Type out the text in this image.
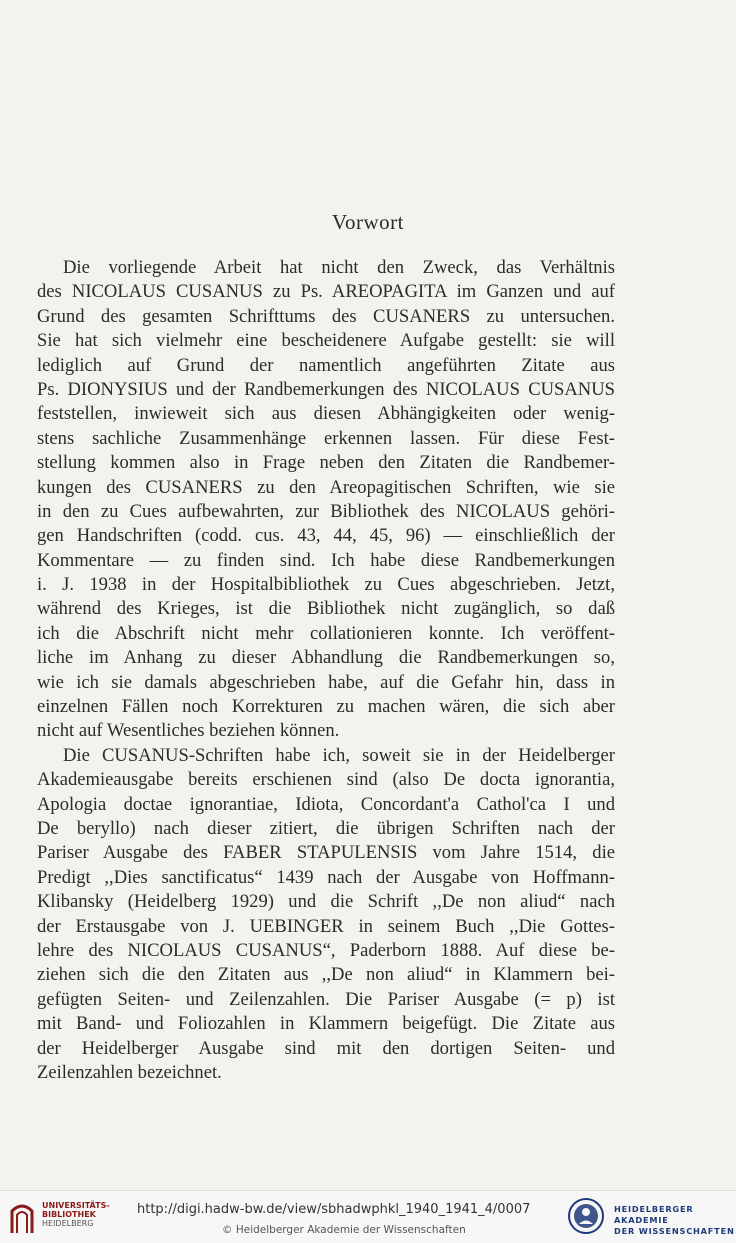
Vorwort
Die vorliegende Arbeit hat nicht den Zweck, das Verhältnis
des NICOLAUS CUSANUS zu Ps. AREOPAGITA im Ganzen und auf
Grund des gesamten Schrifttums des CUSANERS zu untersuchen.
Sie hat sich vielmehr eine bescheidenere Aufgabe gestellt: sie will
lediglich auf Grund der namentlich angeführten Zitate aus
Ps. DIONYSIUS und der Randbemerkungen des NICOLAUS CUSANUS
feststellen, inwieweit sich aus diesen Abhängigkeiten oder wenig-
stens sachliche Zusammenhänge erkennen lassen. Für diese Fest-
stellung kommen also in Frage neben den Zitaten die Randbemer-
kungen des CUSANERS zu den Areopagitischen Schriften, wie sie
in den zu Cues aufbewahrten, zur Bibliothek des NICOLAUS gehöri-
gen Handschriften (codd. cus. 43, 44, 45, 96) — einschließlich der
Kommentare — zu finden sind. Ich habe diese Randbemerkungen
i. J. 1938 in der Hospitalbibliothek zu Cues abgeschrieben. Jetzt,
während des Krieges, ist die Bibliothek nicht zugänglich, so daß
ich die Abschrift nicht mehr collationieren konnte. Ich veröffent-
liche im Anhang zu dieser Abhandlung die Randbemerkungen so,
wie ich sie damals abgeschrieben habe, auf die Gefahr hin, dass in
einzelnen Fällen noch Korrekturen zu machen wären, die sich aber
nicht auf Wesentliches beziehen können.
Die CUSANUS-Schriften habe ich, soweit sie in der Heidelberger
Akademieausgabe bereits erschienen sind (also De docta ignorantia,
Apologia doctae ignorantiae, Idiota, Concordant'a Cathol'ca I und
De beryllo) nach dieser zitiert, die übrigen Schriften nach der
Pariser Ausgabe des FABER STAPULENSIS vom Jahre 1514, die
Predigt ,,Dies sanctificatus“ 1439 nach der Ausgabe von Hoffmann-
Klibansky (Heidelberg 1929) und die Schrift ,,De non aliud“ nach
der Erstausgabe von J. UEBINGER in seinem Buch ,,Die Gottes-
lehre des NICOLAUS CUSANUS“, Paderborn 1888. Auf diese be-
ziehen sich die den Zitaten aus ,,De non aliud“ in Klammern bei-
gefügten Seiten- und Zeilenzahlen. Die Pariser Ausgabe (= p) ist
mit Band- und Foliozahlen in Klammern beigefügt. Die Zitate aus
der Heidelberger Ausgabe sind mit den dortigen Seiten- und
Zeilenzahlen bezeichnet.
UNIVERSITÄTS-
BIBLIOTHEK
HEIDELBERG
http://digi.hadw-bw.de/view/sbhadwphkl_1940_1941_4/0007
© Heidelberger Akademie der Wissenschaften
HEIDELBERGER AKADEMIE
DER WISSENSCHAFTEN
